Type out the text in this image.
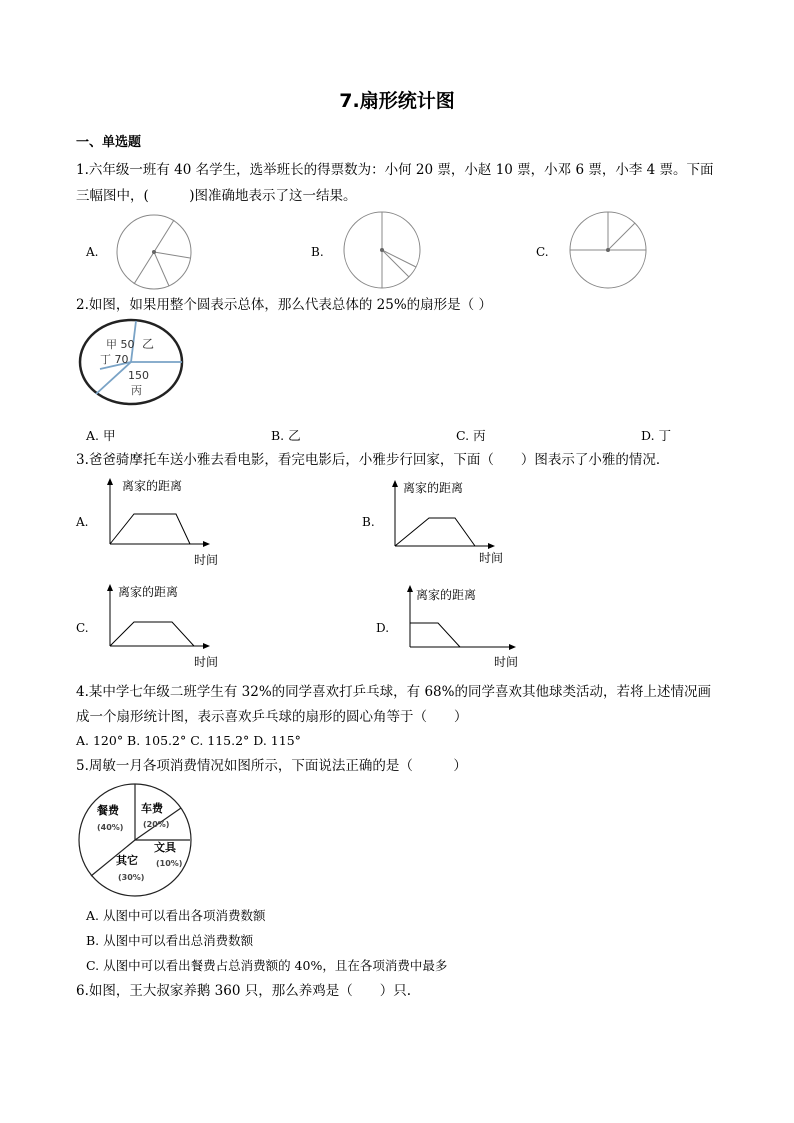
7.扇形统计图
一、单选题
1.六年级一班有 40 名学生，选举班长的得票数为：小何 20 票，小赵 10 票，小邓 6 票，小李 4 票。下面
三幅图中，(　　　)图准确地表示了这一结果。
A.	B.	C.
2.如图，如果用整个圆表示总体，那么代表总体的 25%的扇形是（ ）
甲 50 乙
丁 70
150
丙
A. 甲	B. 乙	C. 丙	D. 丁
3.爸爸骑摩托车送小雅去看电影，看完电影后，小雅步行回家，下面（　　）图表示了小雅的情况．
A.
离家的距离
时间
B.
离家的距离
时间
C.
离家的距离
时间
D.
离家的距离
时间
4.某中学七年级二班学生有 32%的同学喜欢打乒乓球，有 68%的同学喜欢其他球类活动，若将上述情况画
成一个扇形统计图，表示喜欢乒乓球的扇形的圆心角等于（　　）
A. 120° B. 105.2° C. 115.2° D. 115°
5.周敏一月各项消费情况如图所示，下面说法正确的是（　　　）
餐费
(40%)
车费
(20%)
文具
(10%)
其它
(30%)
A. 从图中可以看出各项消费数额
B. 从图中可以看出总消费数额
C. 从图中可以看出餐费占总消费额的 40%，且在各项消费中最多
6.如图，王大叔家养鹅 360 只，那么养鸡是（　　）只.
